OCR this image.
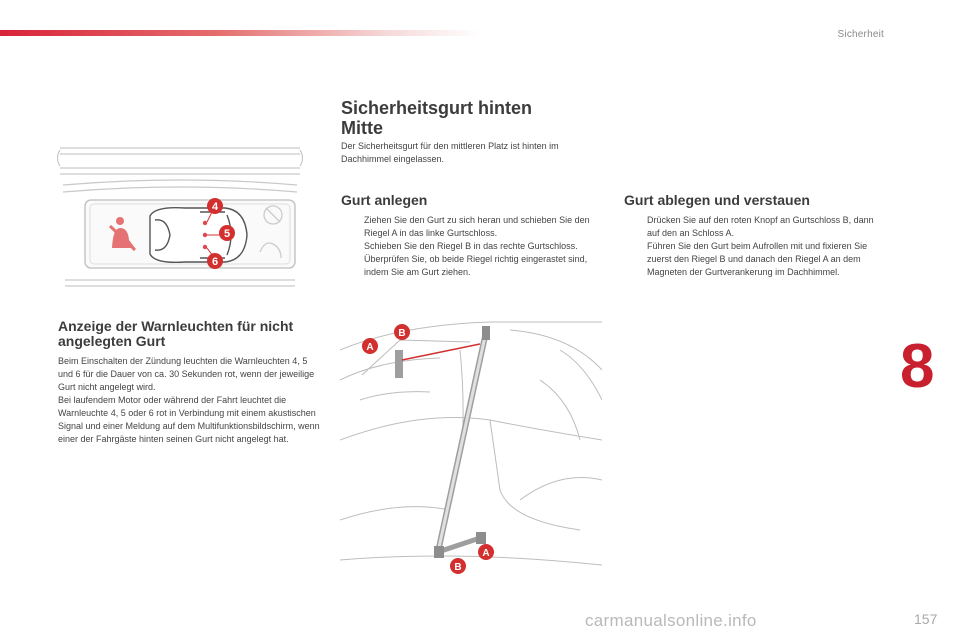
Sicherheit
8
157
4
5
6
Anzeige der Warnleuchten für nicht angelegten Gurt

Beim Einschalten der Zündung leuchten die Warnleuchten 4, 5 und 6 für die Dauer von ca. 30 Sekunden rot, wenn der jeweilige Gurt nicht angelegt wird.
Bei laufendem Motor oder während der Fahrt leuchtet die Warnleuchte 4, 5 oder 6 rot in Verbindung mit einem akustischen Signal und einer Meldung auf dem Multifunktionsbildschirm, wenn einer der Fahrgäste hinten seinen Gurt nicht angelegt hat.

Sicherheitsgurt hinten Mitte

Der Sicherheitsgurt für den mittleren Platz ist hinten im Dachhimmel eingelassen.

Gurt anlegen
Ziehen Sie den Gurt zu sich heran und schieben Sie den Riegel A in das linke Gurtschloss.
Schieben Sie den Riegel B in das rechte Gurtschloss.
Überprüfen Sie, ob beide Riegel richtig eingerastet sind, indem Sie am Gurt ziehen.
Gurt ablegen und verstauen
Drücken Sie auf den roten Knopf an Gurtschloss B, dann auf den an Schloss A.
Führen Sie den Gurt beim Aufrollen mit und fixieren Sie zuerst den Riegel B und danach den Riegel A an dem Magneten der Gurtverankerung im Dachhimmel.
A
B
A
B
carmanualsonline.info
